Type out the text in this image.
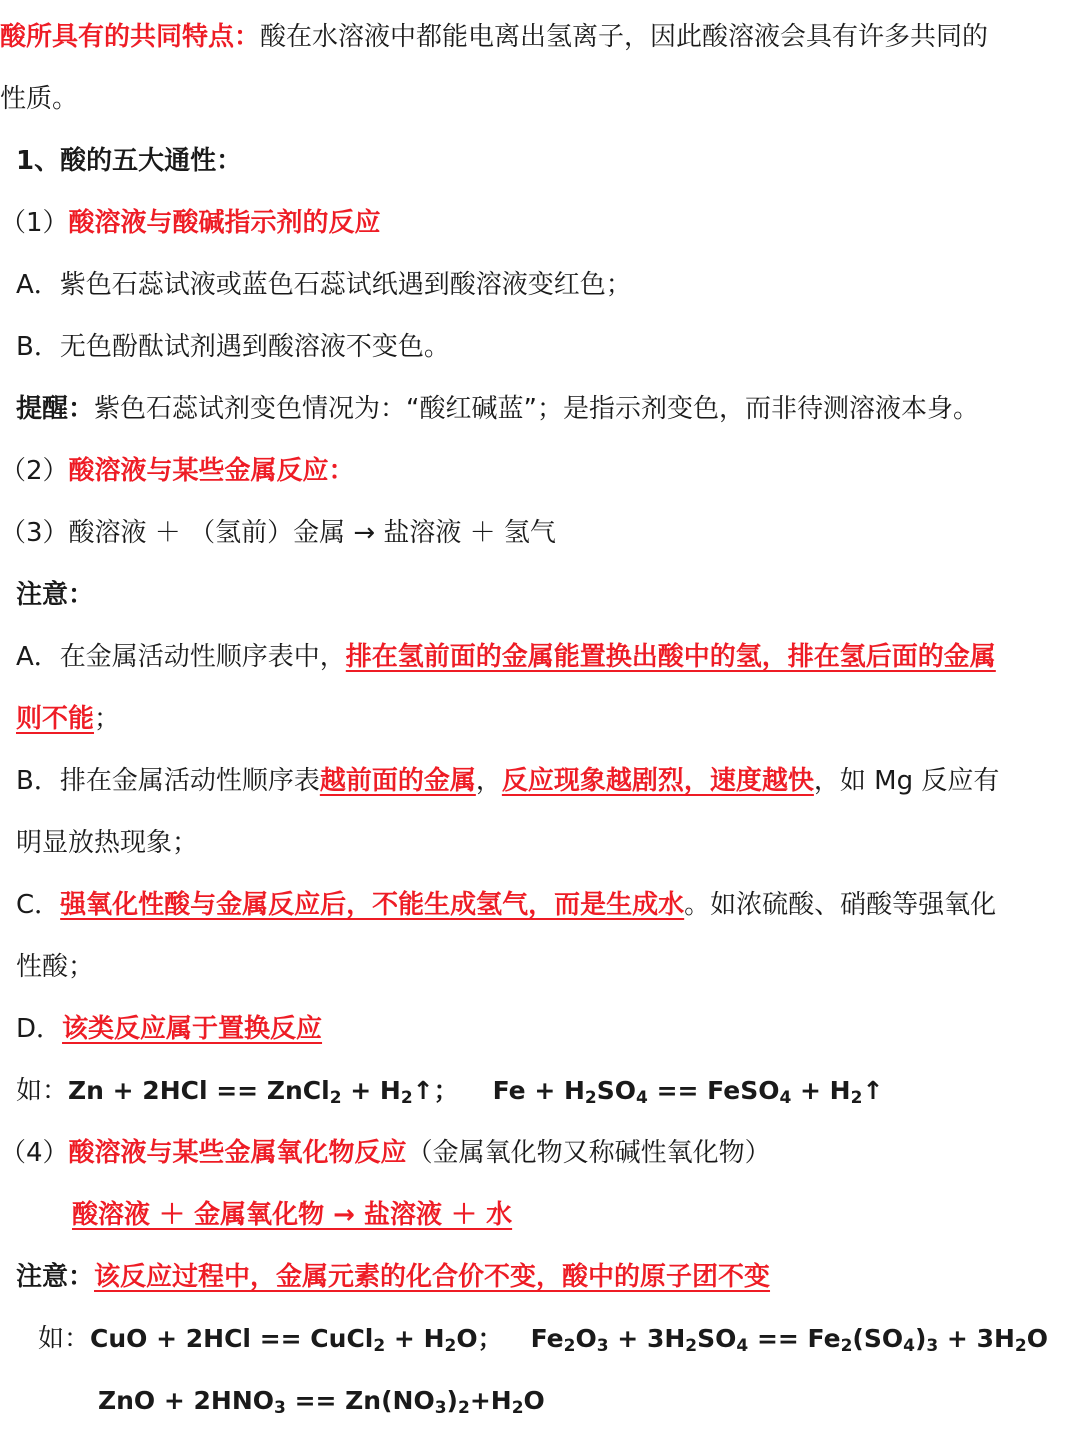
酸所具有的共同特点：酸在水溶液中都能电离出氢离子，因此酸溶液会具有许多共同的
性质。
1、酸的五大通性：
（1）酸溶液与酸碱指示剂的反应
A．紫色石蕊试液或蓝色石蕊试纸遇到酸溶液变红色；
B．无色酚酞试剂遇到酸溶液不变色。
提醒：紫色石蕊试剂变色情况为：“酸红碱蓝”；是指示剂变色，而非待测溶液本身。
（2）酸溶液与某些金属反应：
（3）酸溶液 ＋ （氢前）金属 → 盐溶液 ＋ 氢气
注意：
A．在金属活动性顺序表中，排在氢前面的金属能置换出酸中的氢，排在氢后面的金属
则不能；
B．排在金属活动性顺序表越前面的金属，反应现象越剧烈，速度越快，如 Mg 反应有
明显放热现象；
C．强氧化性酸与金属反应后，不能生成氢气，而是生成水。如浓硫酸、硝酸等强氧化
性酸；
D．该类反应属于置换反应
如：Zn + 2HCl == ZnCl$_2$ + $H_2↑$； $Fe + H_2SO_4$ == FeSO$_4$ + $H_2↑$
（4）酸溶液与某些金属氧化物反应（金属氧化物又称碱性氧化物）
酸溶液 ＋ 金属氧化物 → 盐溶液 ＋ 水
注意：该反应过程中，金属元素的化合价不变，酸中的原子团不变
如：CuO + 2HCl == CuCl$_2$ + $H_2O$； $Fe_2O_3 + 3H_2SO_4 == Fe_2(SO_4)_3 + 3H_2O$
ZnO + $2HNO_3 == Zn(NO_3)_2+H_2O$
